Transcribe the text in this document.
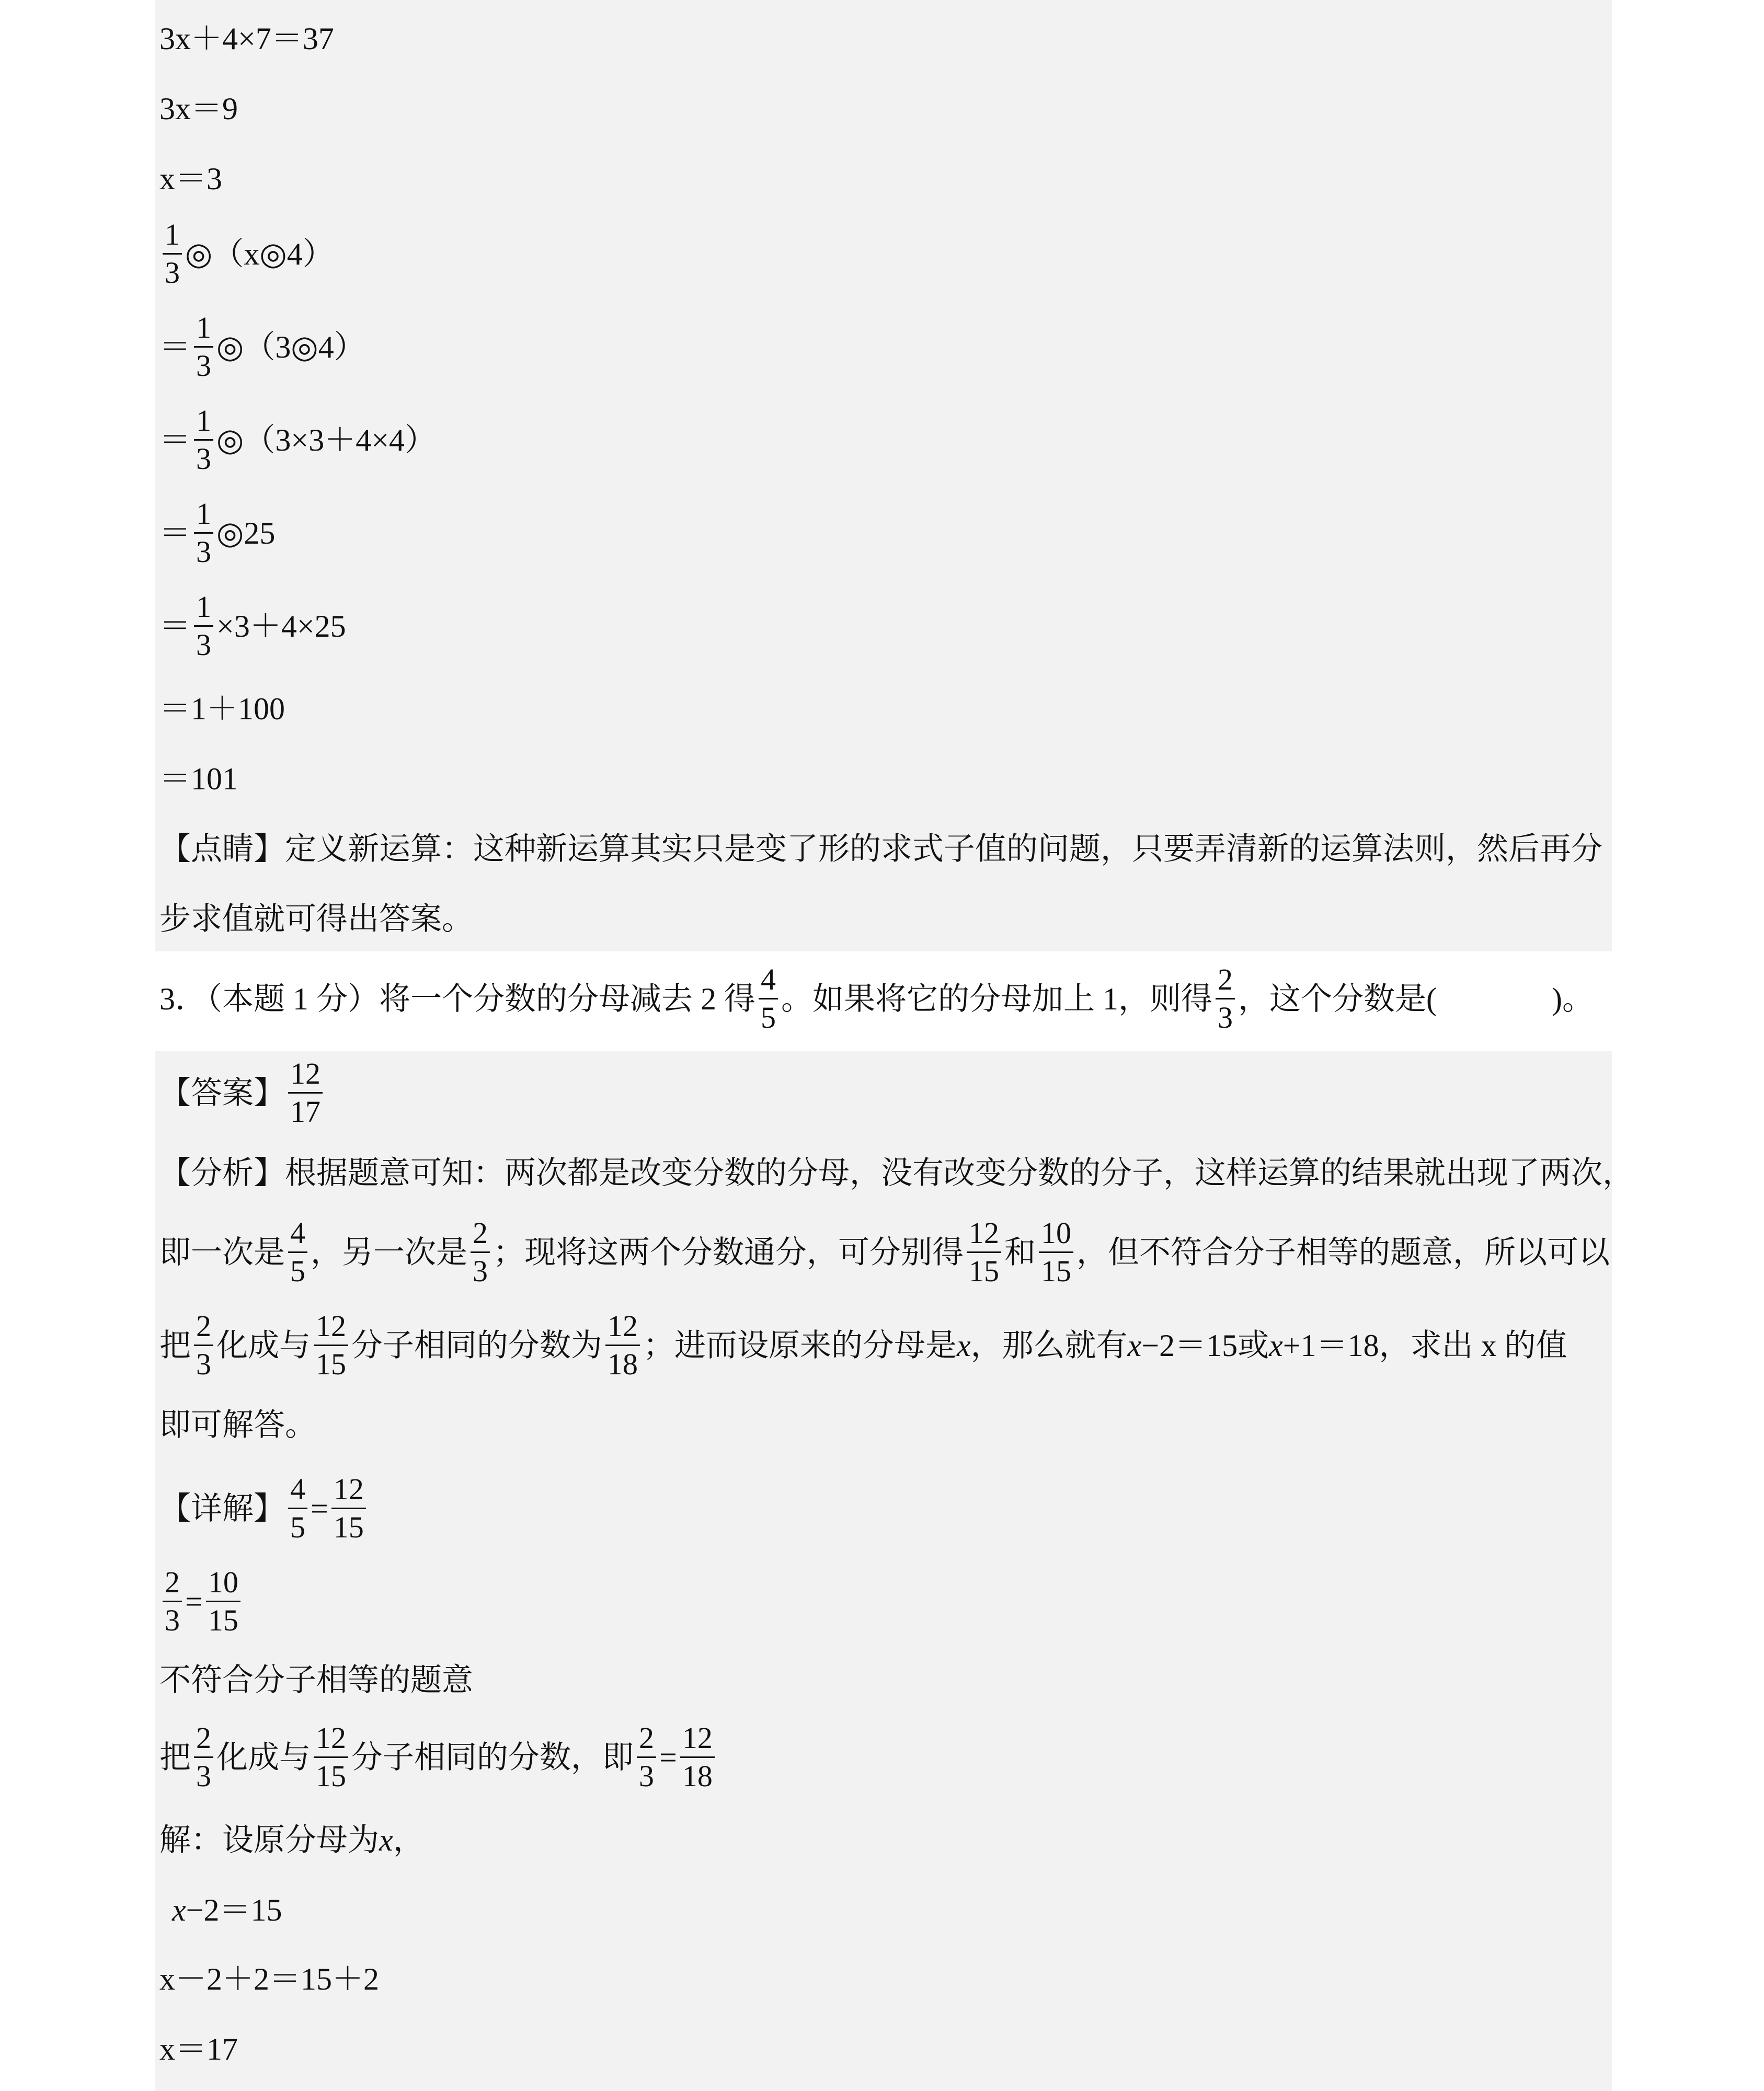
3x＋4×7＝37
3x＝9
x＝3
$\frac{1}{3}$ ◎（x◎4）
＝ $\frac{1}{3}$ ◎（3◎4）
＝ $\frac{1}{3}$ ◎（3×3＋4×4）
＝ $\frac{1}{3}$ ◎25
＝ $\frac{1}{3} \times 3+4\times 25$
＝1＋100
＝101
【点睛】定义新运算：这种新运算其实只是变了形的求式子值的问题，只要弄清新的运算法则，然后再分
步求值就可得出答案。
3．（本题 1 分）将一个分数的分母减去 2 得 $\frac{4}{5}$ 。如果将它的分母加上 1，则得 $\frac{2}{3}$ ，这个分数是(	)。
【答案】 $\frac{12}{17}$
【分析】根据题意可知：两次都是改变分数的分母，没有改变分数的分子，这样运算的结果就出现了两次，
即一次是 $\frac{4}{5}$ ，另一次是 $\frac{2}{3}$ ；现将这两个分数通分，可分别得 $\frac{12}{15}$ 和 $\frac{10}{15}$ ，但不符合分子相等的题意，所以可以
把 $\frac{2}{3}$ 化成与 $\frac{12}{15}$ 分子相同的分数为 $\frac{12}{18}$ ；进而设原来的分母是 x ，那么就有 x −2＝15 或 x +1＝18 ，求出 x 的值
即可解答。
【详解】 $\frac{4}{5} = \frac{12}{15}$
$\frac{2}{3} = \frac{10}{15}$
不符合分子相等的题意
把 $\frac{2}{3}$ 化成与 $\frac{12}{15}$ 分子相同的分数，即 $\frac{2}{3} = \frac{12}{18}$
解：设原分母为 x ，
x −2＝15
x－2＋2＝15＋2
x＝17
